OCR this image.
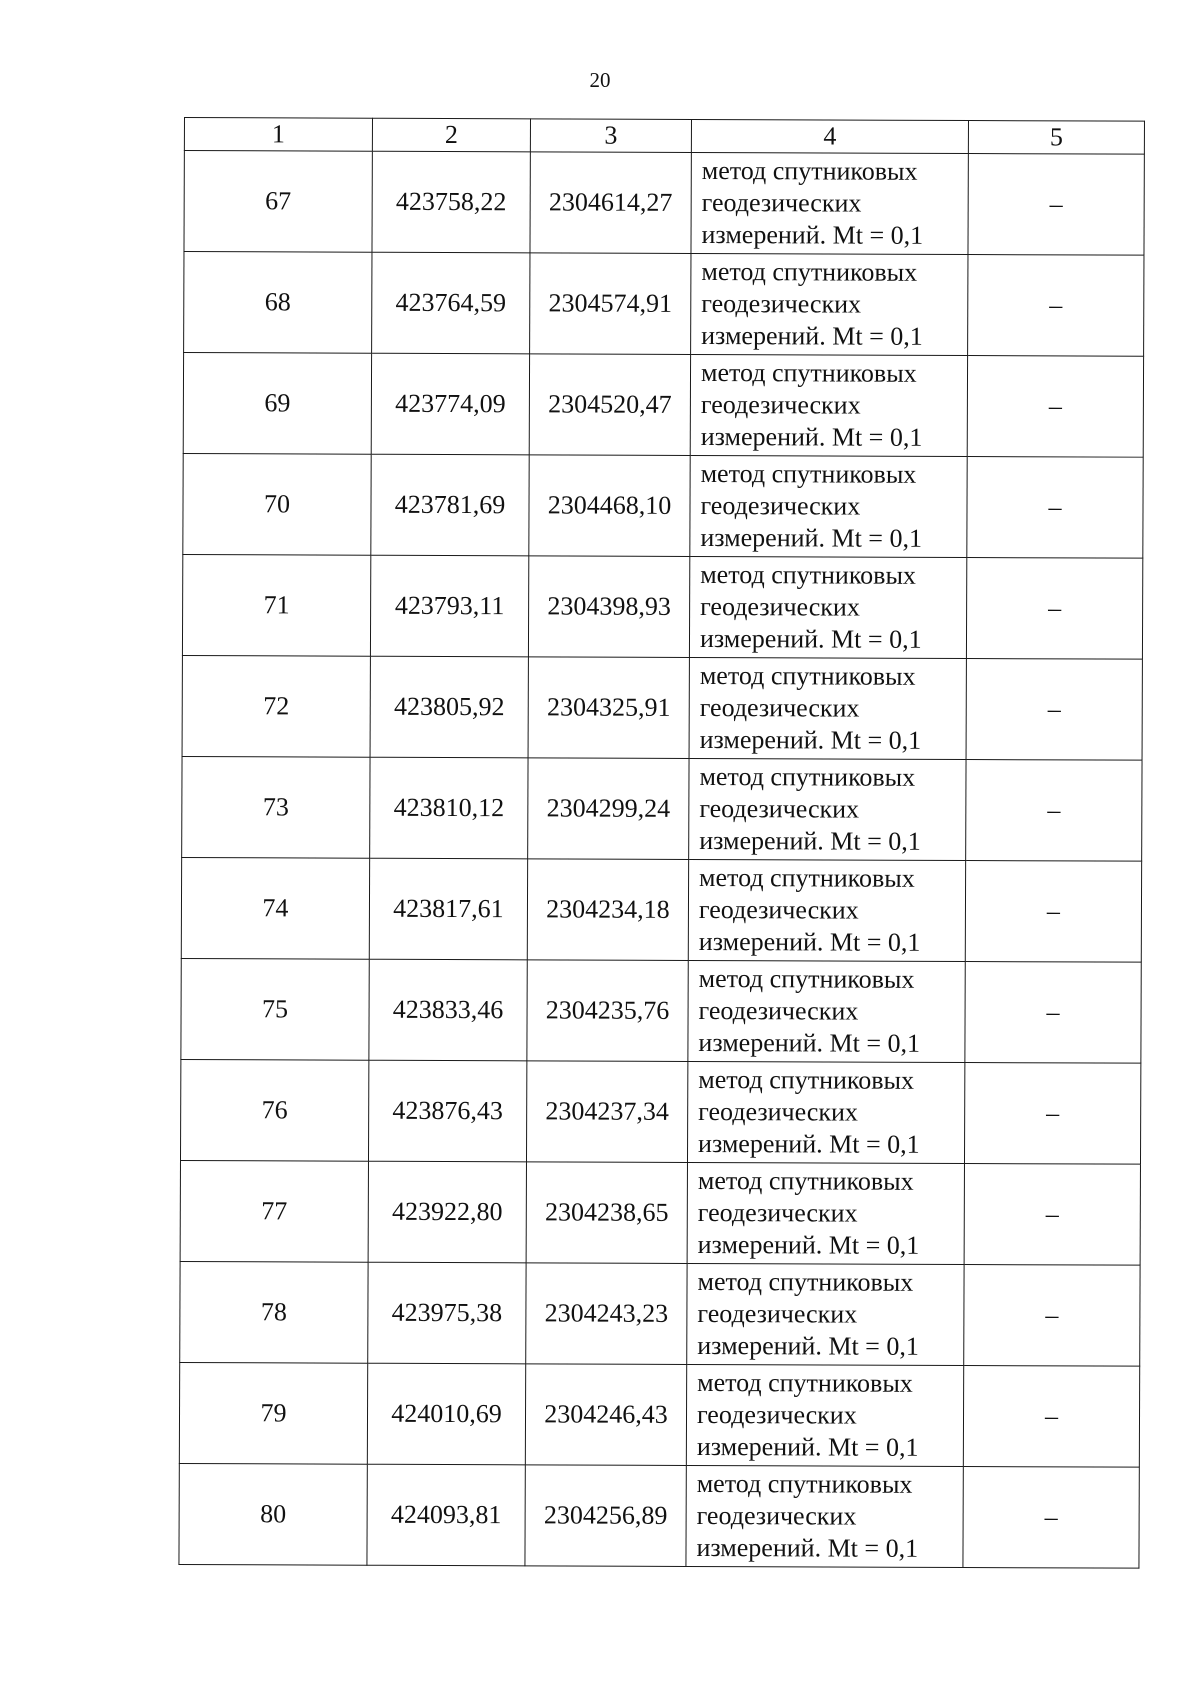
20
1	2	3	4	5
67	423758,22	2304614,27	метод спутниковых
геодезических
измерений. Mt = 0,1	–
68	423764,59	2304574,91	метод спутниковых
геодезических
измерений. Mt = 0,1	–
69	423774,09	2304520,47	метод спутниковых
геодезических
измерений. Mt = 0,1	–
70	423781,69	2304468,10	метод спутниковых
геодезических
измерений. Mt = 0,1	–
71	423793,11	2304398,93	метод спутниковых
геодезических
измерений. Mt = 0,1	–
72	423805,92	2304325,91	метод спутниковых
геодезических
измерений. Mt = 0,1	–
73	423810,12	2304299,24	метод спутниковых
геодезических
измерений. Mt = 0,1	–
74	423817,61	2304234,18	метод спутниковых
геодезических
измерений. Mt = 0,1	–
75	423833,46	2304235,76	метод спутниковых
геодезических
измерений. Mt = 0,1	–
76	423876,43	2304237,34	метод спутниковых
геодезических
измерений. Mt = 0,1	–
77	423922,80	2304238,65	метод спутниковых
геодезических
измерений. Mt = 0,1	–
78	423975,38	2304243,23	метод спутниковых
геодезических
измерений. Mt = 0,1	–
79	424010,69	2304246,43	метод спутниковых
геодезических
измерений. Mt = 0,1	–
80	424093,81	2304256,89	метод спутниковых
геодезических
измерений. Mt = 0,1	–
